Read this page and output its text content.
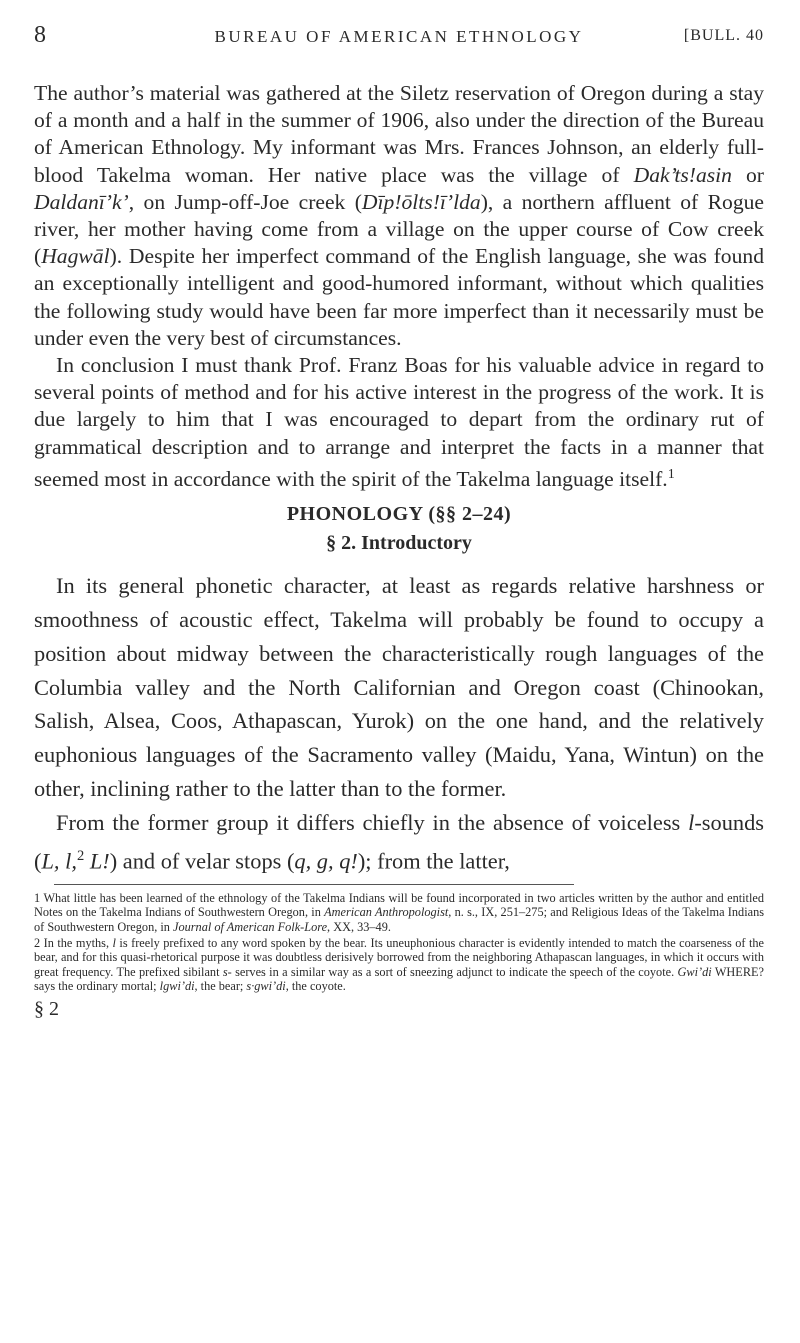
8	BUREAU OF AMERICAN ETHNOLOGY	[BULL. 40

The author’s material was gathered at the Siletz reservation of Oregon during a stay of a month and a half in the summer of 1906, also under the direction of the Bureau of American Ethnology. My informant was Mrs. Frances Johnson, an elderly full-blood Takelma woman. Her native place was the village of Dak’ts!asin or Daldanī’k’, on Jump-off-Joe creek (Dīp!ōlts!ī’lda), a northern affluent of Rogue river, her mother having come from a village on the upper course of Cow creek (Hagwāl). Despite her imperfect command of the English language, she was found an exceptionally intelligent and good-humored informant, without which qualities the following study would have been far more imperfect than it necessarily must be under even the very best of circumstances.

In conclusion I must thank Prof. Franz Boas for his valuable advice in regard to several points of method and for his active interest in the progress of the work. It is due largely to him that I was encouraged to depart from the ordinary rut of grammatical description and to arrange and interpret the facts in a manner that seemed most in accordance with the spirit of the Takelma language itself.$^1$

PHONOLOGY (§§ 2–24)
§ 2. Introductory

In its general phonetic character, at least as regards relative harshness or smoothness of acoustic effect, Takelma will probably be found to occupy a position about midway between the characteristically rough languages of the Columbia valley and the North Californian and Oregon coast (Chinookan, Salish, Alsea, Coos, Athapascan, Yurok) on the one hand, and the relatively euphonious languages of the Sacramento valley (Maidu, Yana, Wintun) on the other, inclining rather to the latter than to the former.

From the former group it differs chiefly in the absence of voiceless l-sounds (L, l,$^2$ L!) and of velar stops (q, g, q!); from the latter,

1 What little has been learned of the ethnology of the Takelma Indians will be found incorporated in two articles written by the author and entitled Notes on the Takelma Indians of Southwestern Oregon, in American Anthropologist, n. s., IX, 251–275; and Religious Ideas of the Takelma Indians of Southwestern Oregon, in Journal of American Folk-Lore, XX, 33–49.

2 In the myths, l is freely prefixed to any word spoken by the bear. Its uneuphonious character is evidently intended to match the coarseness of the bear, and for this quasi-rhetorical purpose it was doubtless derisively borrowed from the neighboring Athapascan languages, in which it occurs with great frequency. The prefixed sibilant s- serves in a similar way as a sort of sneezing adjunct to indicate the speech of the coyote. Gwi’di WHERE? says the ordinary mortal; lgwi’di, the bear; s·gwi’di, the coyote.

§ 2
